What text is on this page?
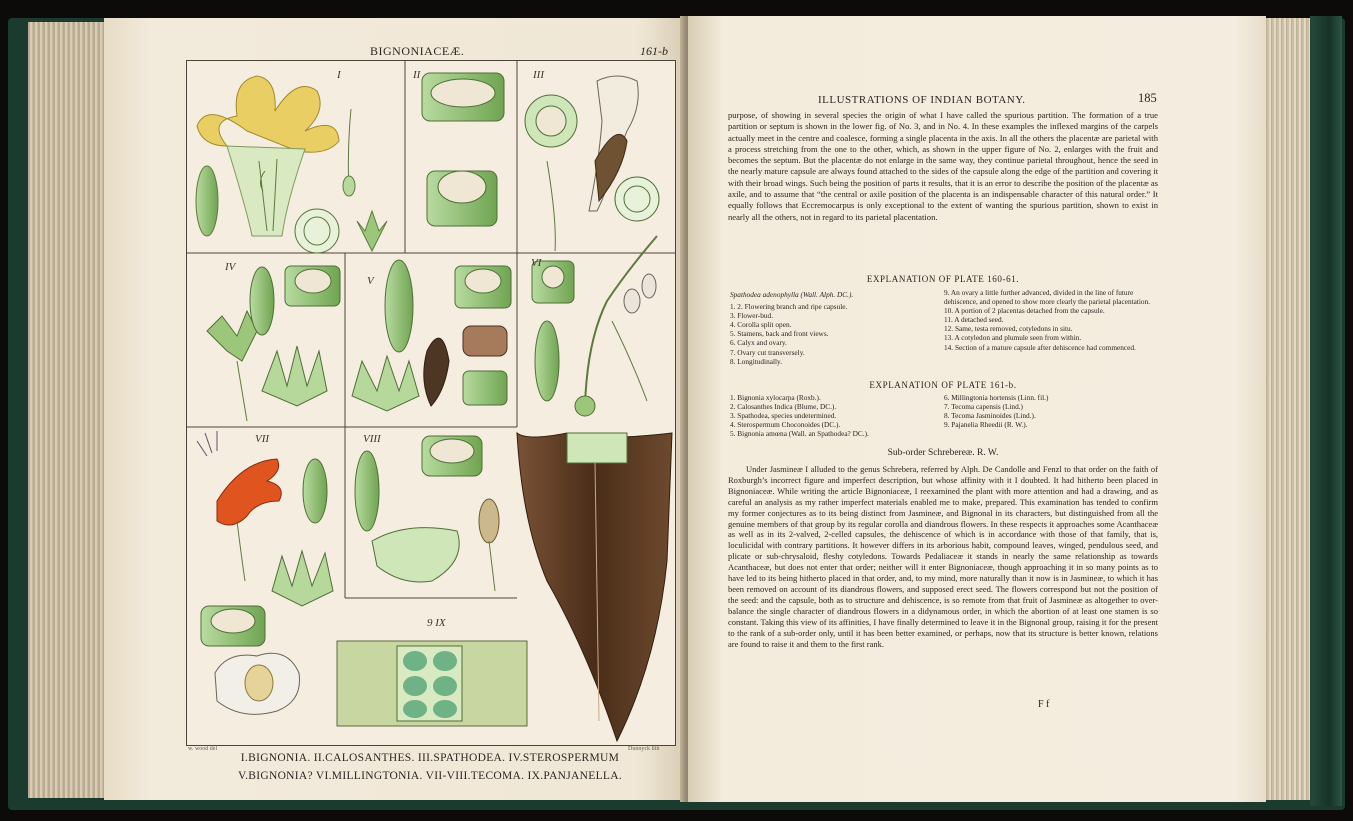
BIGNONIACEÆ.	161-b
I	II	III
IV
V
VI
VII	VIII
9 IX
w. wood del	Dunnyck lith
I.BIGNONIA. II.CALOSANTHES. III.SPATHODEA. IV.STEROSPERMUM
V.BIGNONIA? VI.MILLINGTONIA. VII-VIII.TECOMA. IX.PANJANELLA.
ILLUSTRATIONS OF INDIAN BOTANY.	185

purpose, of showing in several species the origin of what I have called the spurious partition. The formation of a true partition or septum is shown in the lower fig. of No. 3, and in No. 4. In these examples the inflexed margins of the carpels actually meet in the centre and coalesce, forming a single placenta in the axis. In all the others the placentæ are parietal with a process stretching from the one to the other, which, as shown in the upper figure of No. 2, enlarges with the fruit and becomes the septum. But the placentæ do not enlarge in the same way, they continue parietal throughout, hence the seed in the nearly mature capsule are always found attached to the sides of the capsule along the edge of the partition and covering it with their broad wings. Such being the position of parts it results, that it is an error to describe the position of the placentæ as axile, and to assume that “the central or axile position of the placenta is an indispensable character of this natural order.” It equally follows that Eccremocarpus is only exceptional to the extent of wanting the spurious partition, shown to exist in nearly all the others, not in regard to its parietal placentation.

EXPLANATION OF PLATE 160-61.
Spathodea adenophylla (Wall. Alph. DC.).
1. 2. Flowering branch and ripe capsule.
3. Flower-bud.
4. Corolla split open.
5. Stamens, back and front views.
6. Calyx and ovary.
7. Ovary cut transversely.
8. Longitudinally.
9. An ovary a little further advanced, divided in the line of future dehiscence, and opened to show more clearly the parietal placentation.
10. A portion of 2 placentas detached from the capsule.
11. A detached seed.
12. Same, testa removed, cotyledons in situ.
13. A cotyledon and plumule seen from within.
14. Section of a mature capsule after dehiscence had commenced.
EXPLANATION OF PLATE 161-b.
1. Bignonia xylocarpa (Roxb.).
2. Calosanthes Indica (Blume, DC.).
3. Spathodea, species undetermined.
4. Sterospermum Choconoides (DC.).
5. Bignonia amœna (Wall. an Spathodea? DC.).
6. Millingtonia hortensis (Linn. fil.)
7. Tecoma capensis (Lind.)
8. Tecoma Jasminoides (Lind.).
9. Pajanelia Rheedii (R. W.).
Sub-order Schrebereæ. R. W.

Under Jasmineæ I alluded to the genus Schrebera, referred by Alph. De Candolle and Fenzl to that order on the faith of Roxburgh’s incorrect figure and imperfect description, but whose affinity with it I doubted. It had hitherto been placed in Bignoniaceæ. While writing the article Bignoniaceæ, I reexamined the plant with more attention and had a drawing, and as careful an analysis as my rather imperfect materials enabled me to make, prepared. This examination has tended to confirm my former conjectures as to its being distinct from Jasmineæ, and Bignonal in its characters, but distinguished from all the genuine members of that group by its regular corolla and diandrous flowers. In these respects it approaches some Acanthaceæ as well as in its 2-valved, 2-celled capsules, the dehiscence of which is in accordance with those of that family, that is, loculicidal with contrary partitions. It however differs in its arborious habit, compound leaves, winged, pendulous seed, and plicate or sub-chrysaloid, fleshy cotyledons. Towards Pedaliaceæ it stands in nearly the same relationship as towards Acanthaceæ, but does not enter that order; neither will it enter Bignoniaceæ, though approaching it in so many points as to have led to its being hitherto placed in that order, and, to my mind, more naturally than it now is in Jasmineæ, to which it has been removed on account of its diandrous flowers, and supposed erect seed. The flowers correspond but not the position of the seed: and the capsule, both as to structure and dehiscence, is so remote from that fruit of Jasmineæ as altogether to over-balance the single character of diandrous flowers in a didynamous order, in which the abortion of at least one stamen is so constant. Taking this view of its affinities, I have finally determined to leave it in the Bignonal group, raising it for the present to the rank of a sub-order only, until it has been better examined, or perhaps, now that its structure is better known, relations are found to raise it and them to the first rank.

F f
